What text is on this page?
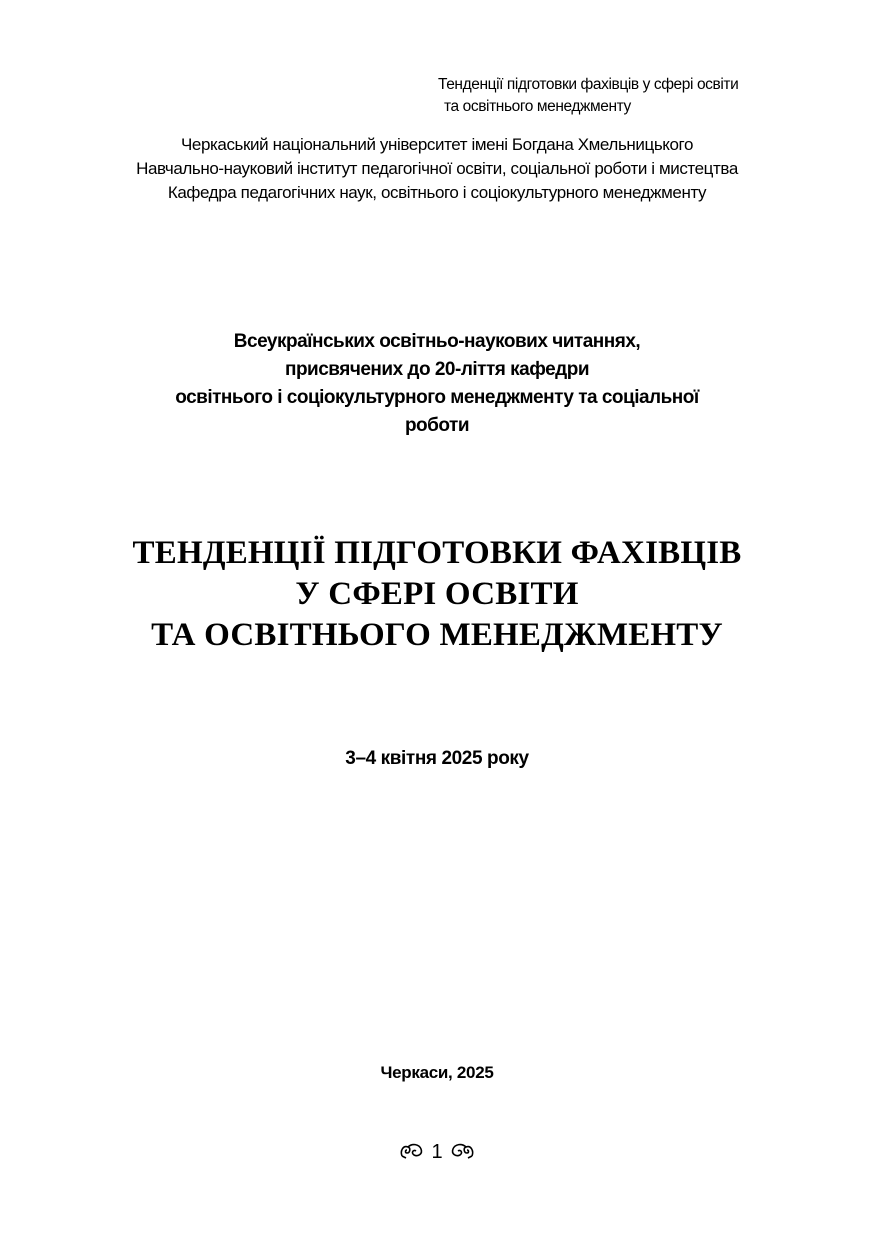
Тенденції підготовки фахівців у сфері освіти
та освітнього менеджменту
Черкаський національний університет імені Богдана Хмельницького
Навчально-науковий інститут педагогічної освіти, соціальної роботи і мистецтва
Кафедра педагогічних наук, освітнього і соціокультурного менеджменту
Всеукраїнських освітньо-наукових читаннях,
присвячених до 20-ліття кафедри
освітнього і соціокультурного менеджменту та соціальної
роботи
ТЕНДЕНЦІЇ ПІДГОТОВКИ ФАХІВЦІВ
У СФЕРІ ОСВІТИ
ТА ОСВІТНЬОГО МЕНЕДЖМЕНТУ
3–4 квітня 2025 року
Черкаси, 2025
1
